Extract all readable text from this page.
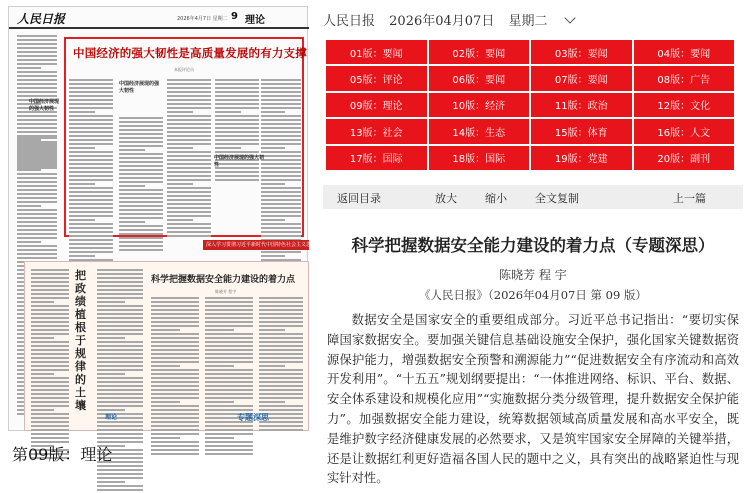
人民日报	2026年4月7日 星期二 9 理论
中国经济的强大韧性是高质量发展的有力支撑
本报评论员
中国经济展现的强大韧性
中国经济展现的强大韧性
中国经济展现的强大韧性
深入学习贯彻习近平新时代中国特色社会主义思想
把政绩植根于规律的土壤
科学把握数据安全能力建设的着力点
陈晓芳 程宇
理论	专题深思
第09版：理论
人民日报 2026年04月07日 星期二
01版：要闻	02版：要闻	03版：要闻	04版：要闻
05版：评论	06版：要闻	07版：要闻	08版：广告
09版：理论	10版：经济	11版：政治	12版：文化
13版：社会	14版：生态	15版：体育	16版：人文
17版：国际	18版：国际	19版：党建	20版：副刊
返回目录	放大	缩小	全文复制	上一篇
科学把握数据安全能力建设的着力点（专题深思）
陈晓芳 程 宇
《人民日报》（2026年04月07日 第 09 版）
数据安全是国家安全的重要组成部分。习近平总书记指出：“要切实保障国家数据安全。要加强关键信息基础设施安全保护，强化国家关键数据资源保护能力，增强数据安全预警和溯源能力”“促进数据安全有序流动和高效开发利用”。“十五五”规划纲要提出：“一体推进网络、标识、平台、数据、安全体系建设和规模化应用”“实施数据分类分级管理，提升数据安全保护能力”。加强数据安全能力建设，统筹数据领域高质量发展和高水平安全，既是维护数字经济健康发展的必然要求，又是筑牢国家安全屏障的关键举措，还是让数据红利更好造福各国人民的题中之义，具有突出的战略紧迫性与现实针对性。
